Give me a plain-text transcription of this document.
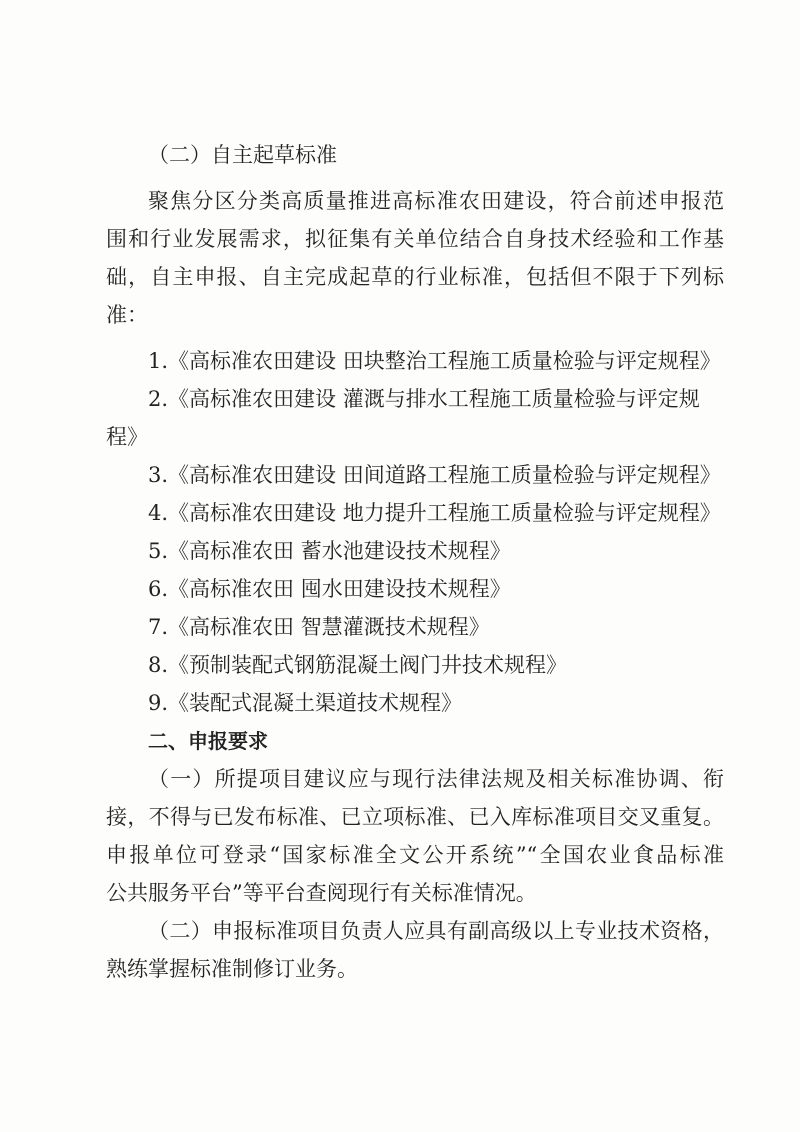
（二）自主起草标准
聚焦分区分类高质量推进高标准农田建设，符合前述申报范
围和行业发展需求，拟征集有关单位结合自身技术经验和工作基
础，自主申报、自主完成起草的行业标准，包括但不限于下列标
准：
1.《高标准农田建设 田块整治工程施工质量检验与评定规程》
2.《高标准农田建设 灌溉与排水工程施工质量检验与评定规
程》
3.《高标准农田建设 田间道路工程施工质量检验与评定规程》
4.《高标准农田建设 地力提升工程施工质量检验与评定规程》
5.《高标准农田 蓄水池建设技术规程》
6.《高标准农田 囤水田建设技术规程》
7.《高标准农田 智慧灌溉技术规程》
8.《预制装配式钢筋混凝土阀门井技术规程》
9.《装配式混凝土渠道技术规程》
二、申报要求
（一）所提项目建议应与现行法律法规及相关标准协调、衔
接，不得与已发布标准、已立项标准、已入库标准项目交叉重复。
申报单位可登录“国家标准全文公开系统”“全国农业食品标准
公共服务平台”等平台查阅现行有关标准情况。
（二）申报标准项目负责人应具有副高级以上专业技术资格，
熟练掌握标准制修订业务。
